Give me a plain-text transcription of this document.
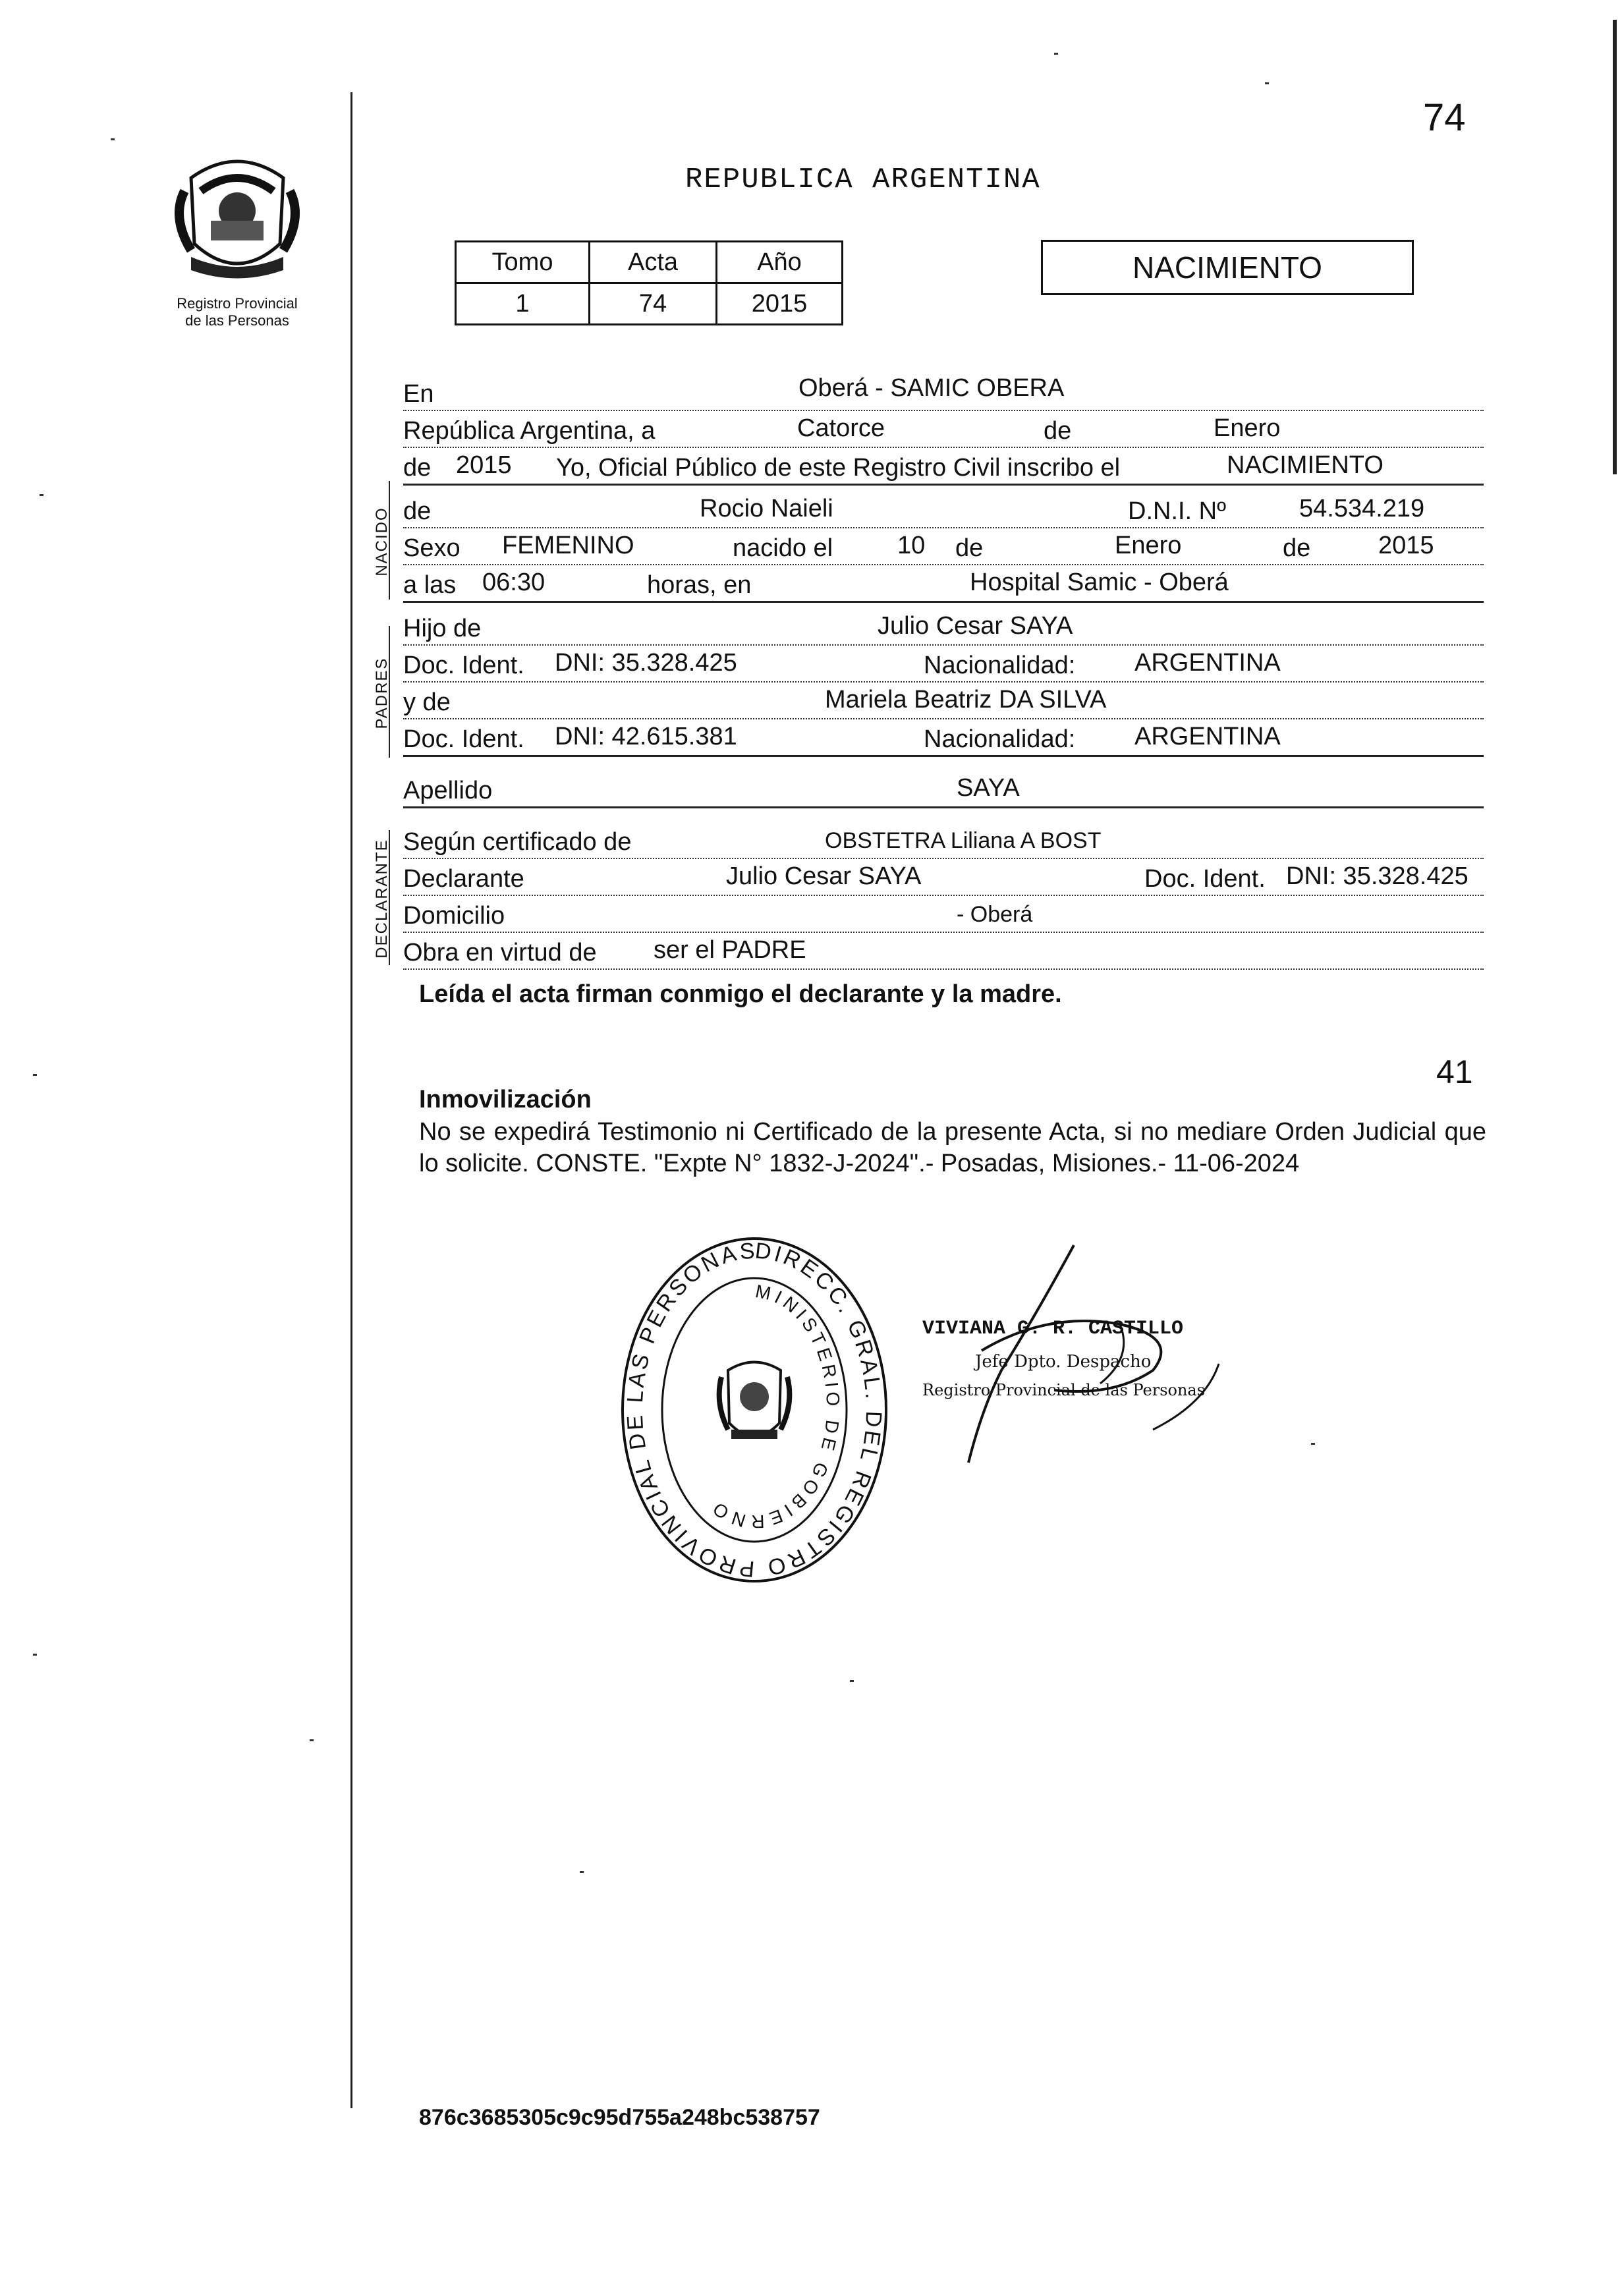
Registro Provincial
de las Personas
74
REPUBLICA ARGENTINA
Tomo	Acta	Año
1	74	2015
NACIMIENTO
NACIDO
PADRES
DECLARANTE
En	Oberá - SAMIC OBERA
República Argentina, a	Catorce	de	Enero
de 2015 Yo, Oficial Público de este Registro Civil inscribo el	NACIMIENTO
de	Rocio Naieli	D.N.I. Nº	54.534.219
Sexo FEMENINO	nacido el	10 de	Enero	de	2015
a las 06:30	horas, en	Hospital Samic - Oberá
Hijo de	Julio Cesar SAYA
Doc. Ident. DNI: 35.328.425	Nacionalidad: ARGENTINA
y de	Mariela Beatriz DA SILVA
Doc. Ident. DNI: 42.615.381	Nacionalidad: ARGENTINA
Apellido	SAYA
Según certificado de	OBSTETRA Liliana A BOST
Declarante	Julio Cesar SAYA	Doc. Ident. DNI: 35.328.425
Domicilio	- Oberá
Obra en virtud de ser el PADRE
Leída el acta firman conmigo el declarante y la madre.
41
Inmovilización
No se expedirá Testimonio ni Certificado de la presente Acta, si no mediare Orden Judicial que lo solicite. CONSTE. "Expte N° 1832-J-2024".- Posadas, Misiones.- 11-06-2024
DIRECC. GRAL. DEL REGISTRO PROVINCIAL DE LAS PERSONAS
MINISTERIO DE GOBIERNO
VIVIANA G. R. CASTILLO
Jefe Dpto. Despacho
Registro Provincial de las Personas
876c3685305c9c95d755a248bc538757
